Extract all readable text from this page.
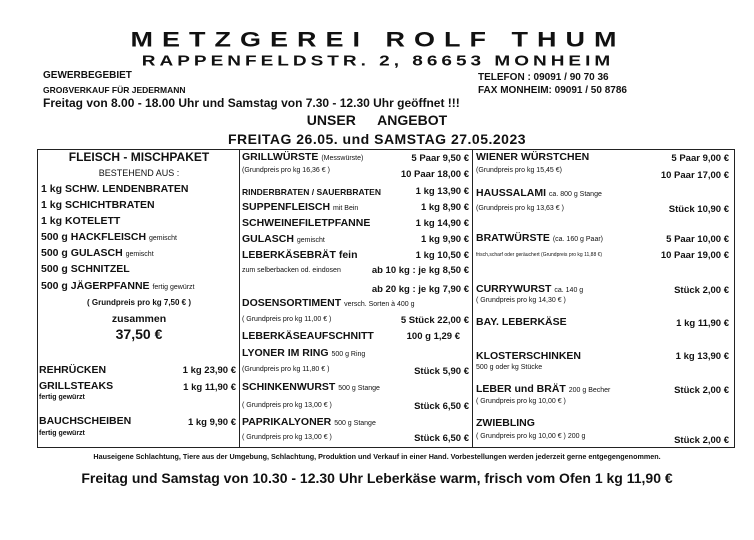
METZGEREI ROLF THUM
RAPPENFELDSTR. 2, 86653 MONHEIM
GEWERBEGEBIET
GROẞVERKAUF FÜR JEDERMANN
TELEFON : 09091 / 90 70 36
FAX MONHEIM: 09091 / 50 8786
Freitag von 8.00 - 18.00 Uhr und Samstag von 7.30 - 12.30 Uhr geöffnet !!!
UNSER ANGEBOT
FREITAG 26.05. und SAMSTAG 27.05.2023
FLEISCH - MISCHPAKET
BESTEHEND AUS :
1 kg SCHW. LENDENBRATEN
1 kg SCHICHTBRATEN
1 kg KOTELETT
500 g HACKFLEISCH gemischt
500 g GULASCH gemischt
500 g SCHNITZEL
500 g JÄGERPFANNE fertig gewürzt
( Grundpreis pro kg 7,50 € )
zusammen
37,50 €
REHRÜCKEN	1 kg 23,90 €
GRILLSTEAKS	1 kg 11,90 €
fertig gewürzt
BAUCHSCHEIBEN	1 kg 9,90 €
fertig gewürzt
GRILLWÜRSTE (Messwürste)	5 Paar 9,50 €
(Grundpreis pro kg 16,36 € )	10 Paar 18,00 €
RINDERBRATEN / SAUERBRATEN	1 kg 13,90 €
SUPPENFLEISCH mit Bein	1 kg 8,90 €
SCHWEINEFILETPFANNE	1 kg 14,90 €
GULASCH gemischt	1 kg 9,90 €
LEBERKÄSEBRÄT fein	1 kg 10,50 €
zum selberbacken od. eindosen	ab 10 kg : je kg 8,50 €
ab 20 kg : je kg 7,90 €
DOSENSORTIMENT versch. Sorten à 400 g
( Grundpreis pro kg 11,00 € )	5 Stück 22,00 €
LEBERKÄSEAUFSCHNITT	100 g 1,29 €
LYONER IM RING 500 g Ring
(Grundpreis pro kg 11,80 € )	Stück 5,90 €
SCHINKENWURST 500 g Stange
( Grundpreis pro kg 13,00 € )	Stück 6,50 €
PAPRIKALYONER 500 g Stange
( Grundpreis pro kg 13,00 € )	Stück 6,50 €
WIENER WÜRSTCHEN	5 Paar 9,00 €
(Grundpreis pro kg 15,45 €)	10 Paar 17,00 €
HAUSSALAMI ca. 800 g Stange
(Grundpreis pro kg 13,63 € )	Stück 10,90 €
BRATWÜRSTE (ca. 160 g Paar)	5 Paar 10,00 €
frisch,scharf oder geräuchert (Grundpreis pro kg 11,88 €)	10 Paar 19,00 €
CURRYWURST ca. 140 g
( Grundpreis pro kg 14,30 € )
Stück 2,00 €
BAY. LEBERKÄSE	1 kg 11,90 €
KLOSTERSCHINKEN	1 kg 13,90 €
500 g oder kg Stücke
LEBER und BRÄT 200 g Becher	Stück 2,00 €
( Grundpreis pro kg 10,00 € )
ZWIEBLING
( Grundpreis pro kg 10,00 € ) 200 g	Stück 2,00 €
Hauseigene Schlachtung, Tiere aus der Umgebung, Schlachtung, Produktion und Verkauf in einer Hand. Vorbestellungen werden jederzeit gerne entgegengenommen.
Freitag und Samstag von 10.30 - 12.30 Uhr Leberkäse warm, frisch vom Ofen 1 kg 11,90 €
